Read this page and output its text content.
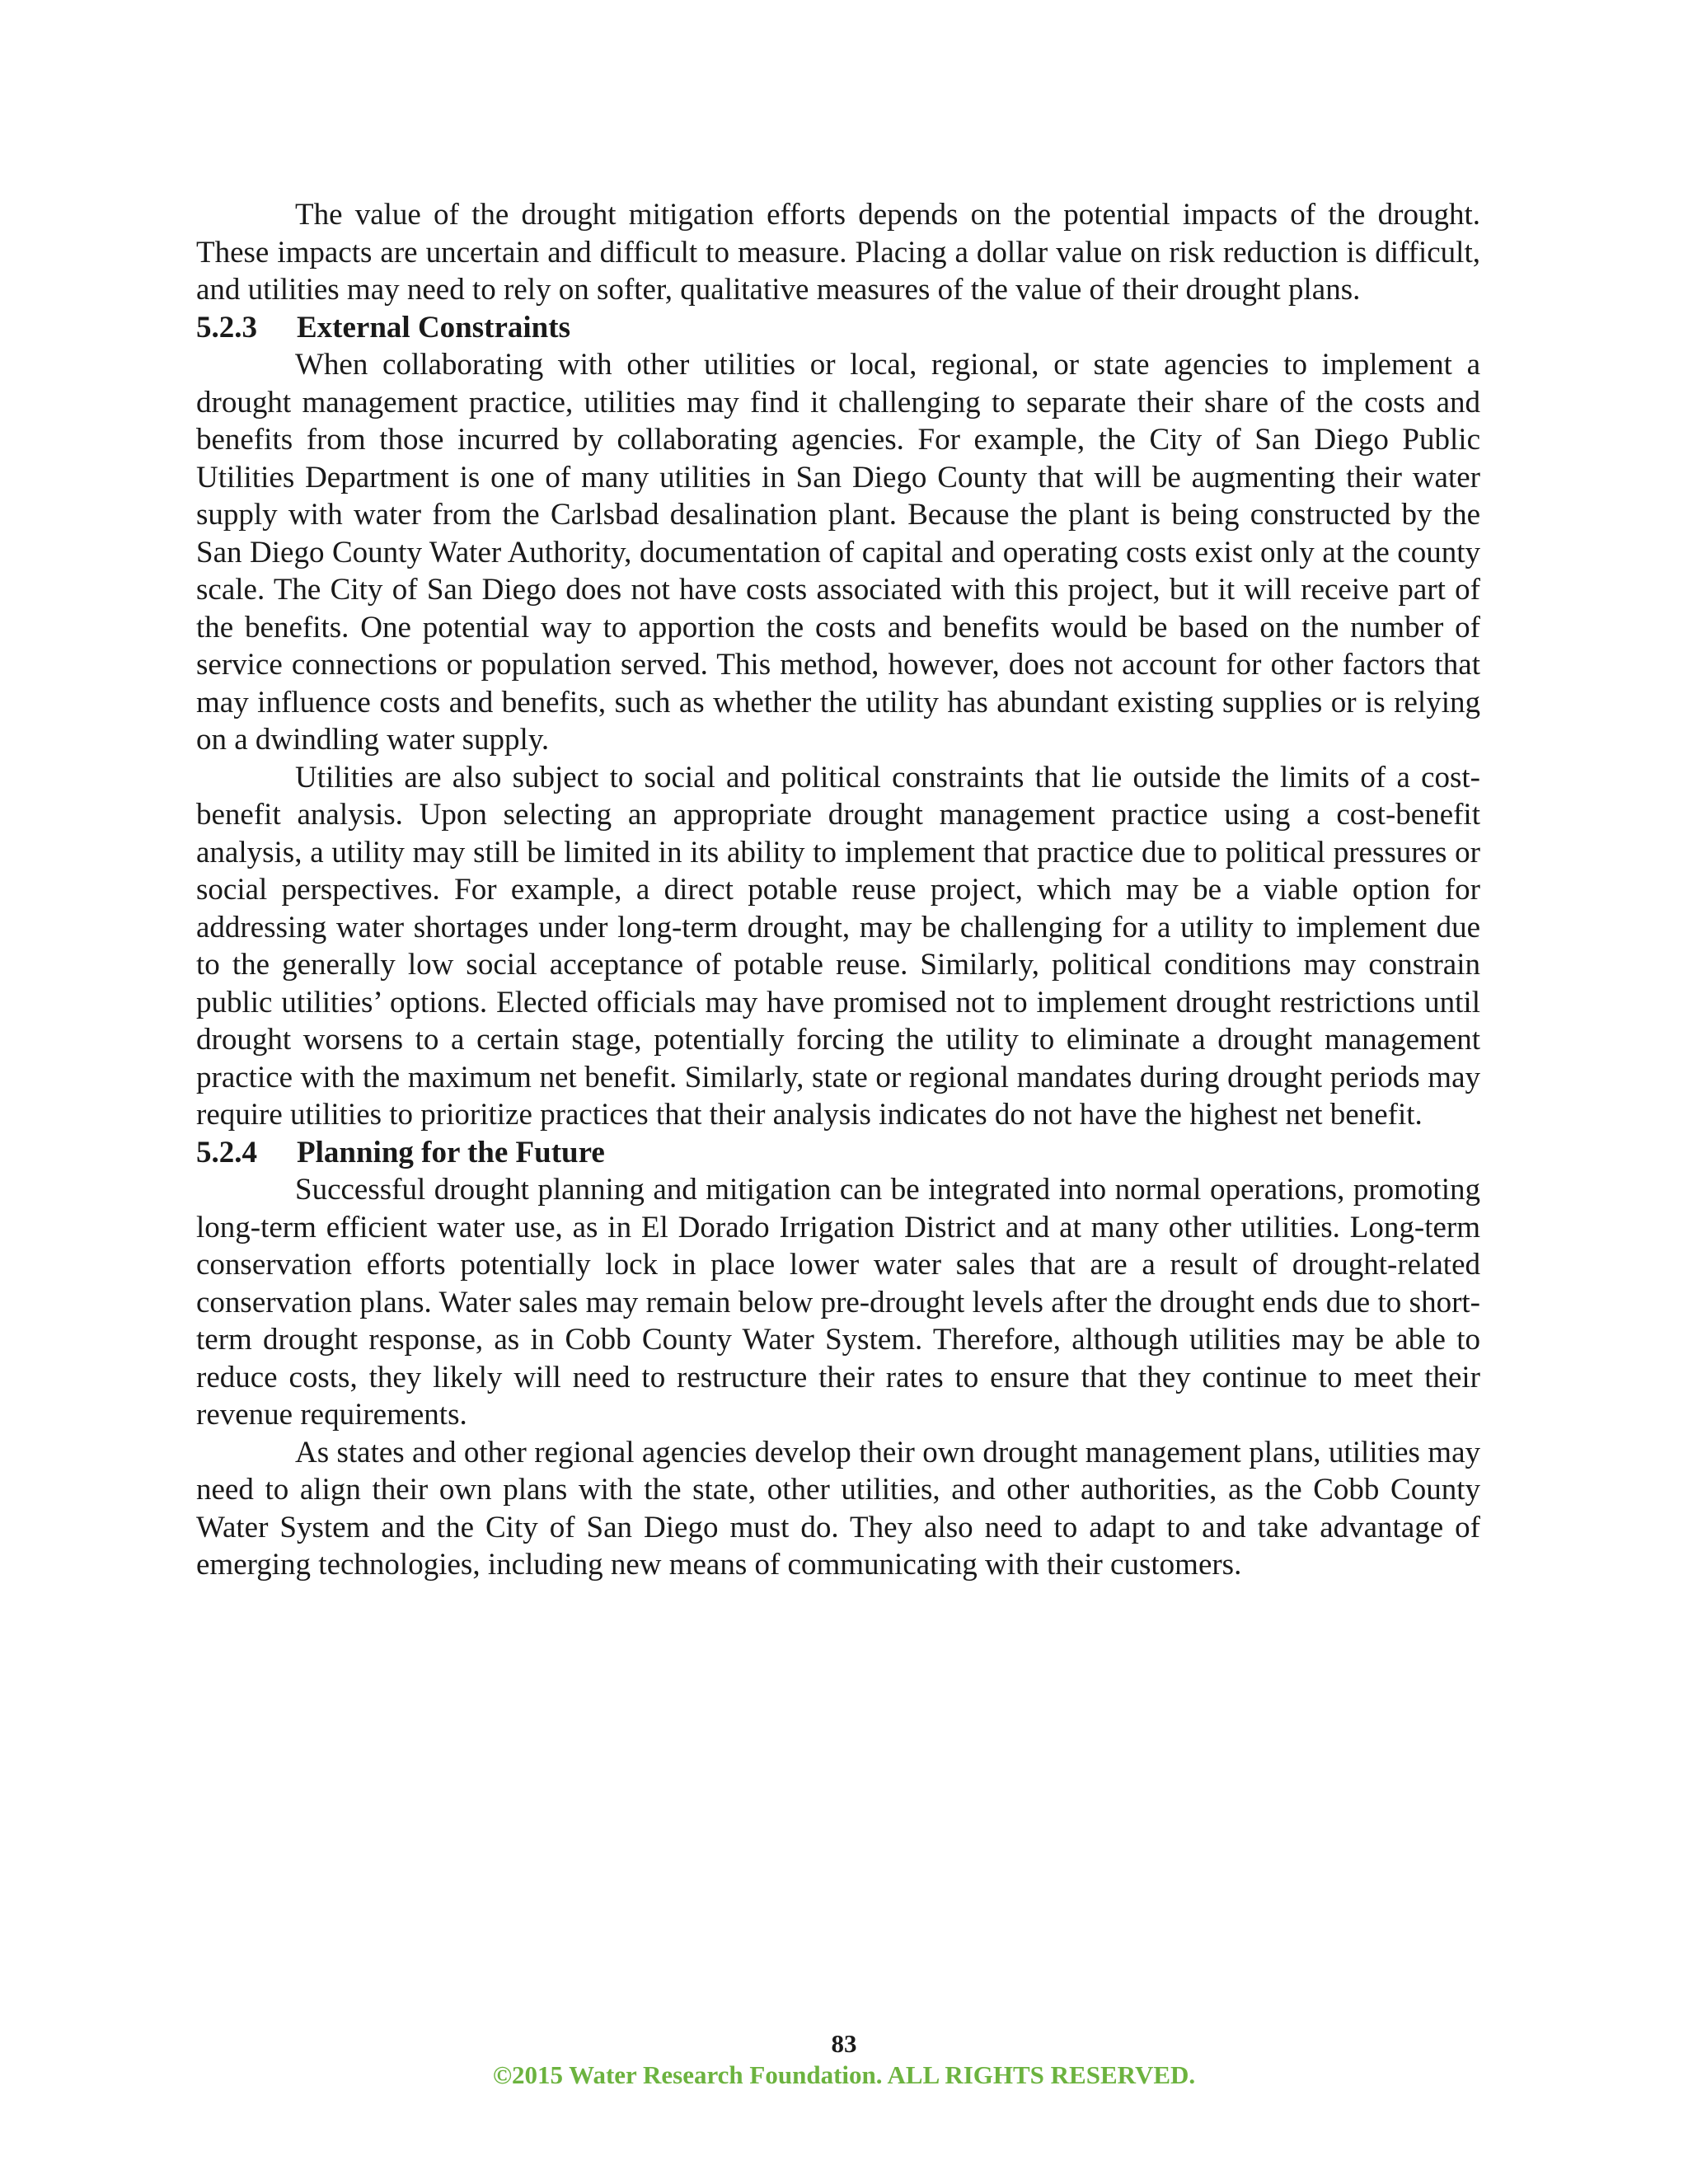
The value of the drought mitigation efforts depends on the potential impacts of the drought. These impacts are uncertain and difficult to measure. Placing a dollar value on risk reduction is difficult, and utilities may need to rely on softer, qualitative measures of the value of their drought plans.

5.2.3	External Constraints

When collaborating with other utilities or local, regional, or state agencies to implement a drought management practice, utilities may find it challenging to separate their share of the costs and benefits from those incurred by collaborating agencies. For example, the City of San Diego Public Utilities Department is one of many utilities in San Diego County that will be augmenting their water supply with water from the Carlsbad desalination plant. Because the plant is being constructed by the San Diego County Water Authority, documentation of capital and operating costs exist only at the county scale. The City of San Diego does not have costs associated with this project, but it will receive part of the benefits. One potential way to apportion the costs and benefits would be based on the number of service connections or population served. This method, however, does not account for other factors that may influence costs and benefits, such as whether the utility has abundant existing supplies or is relying on a dwindling water supply.

Utilities are also subject to social and political constraints that lie outside the limits of a cost-benefit analysis. Upon selecting an appropriate drought management practice using a cost-benefit analysis, a utility may still be limited in its ability to implement that practice due to political pressures or social perspectives. For example, a direct potable reuse project, which may be a viable option for addressing water shortages under long-term drought, may be challenging for a utility to implement due to the generally low social acceptance of potable reuse. Similarly, political conditions may constrain public utilities’ options. Elected officials may have promised not to implement drought restrictions until drought worsens to a certain stage, potentially forcing the utility to eliminate a drought management practice with the maximum net benefit. Similarly, state or regional mandates during drought periods may require utilities to prioritize practices that their analysis indicates do not have the highest net benefit.

5.2.4	Planning for the Future

Successful drought planning and mitigation can be integrated into normal operations, promoting long-term efficient water use, as in El Dorado Irrigation District and at many other utilities. Long-term conservation efforts potentially lock in place lower water sales that are a result of drought-related conservation plans. Water sales may remain below pre-drought levels after the drought ends due to short-term drought response, as in Cobb County Water System. Therefore, although utilities may be able to reduce costs, they likely will need to restructure their rates to ensure that they continue to meet their revenue requirements.

As states and other regional agencies develop their own drought management plans, utilities may need to align their own plans with the state, other utilities, and other authorities, as the Cobb County Water System and the City of San Diego must do. They also need to adapt to and take advantage of emerging technologies, including new means of communicating with their customers.

83
©2015 Water Research Foundation. ALL RIGHTS RESERVED.
